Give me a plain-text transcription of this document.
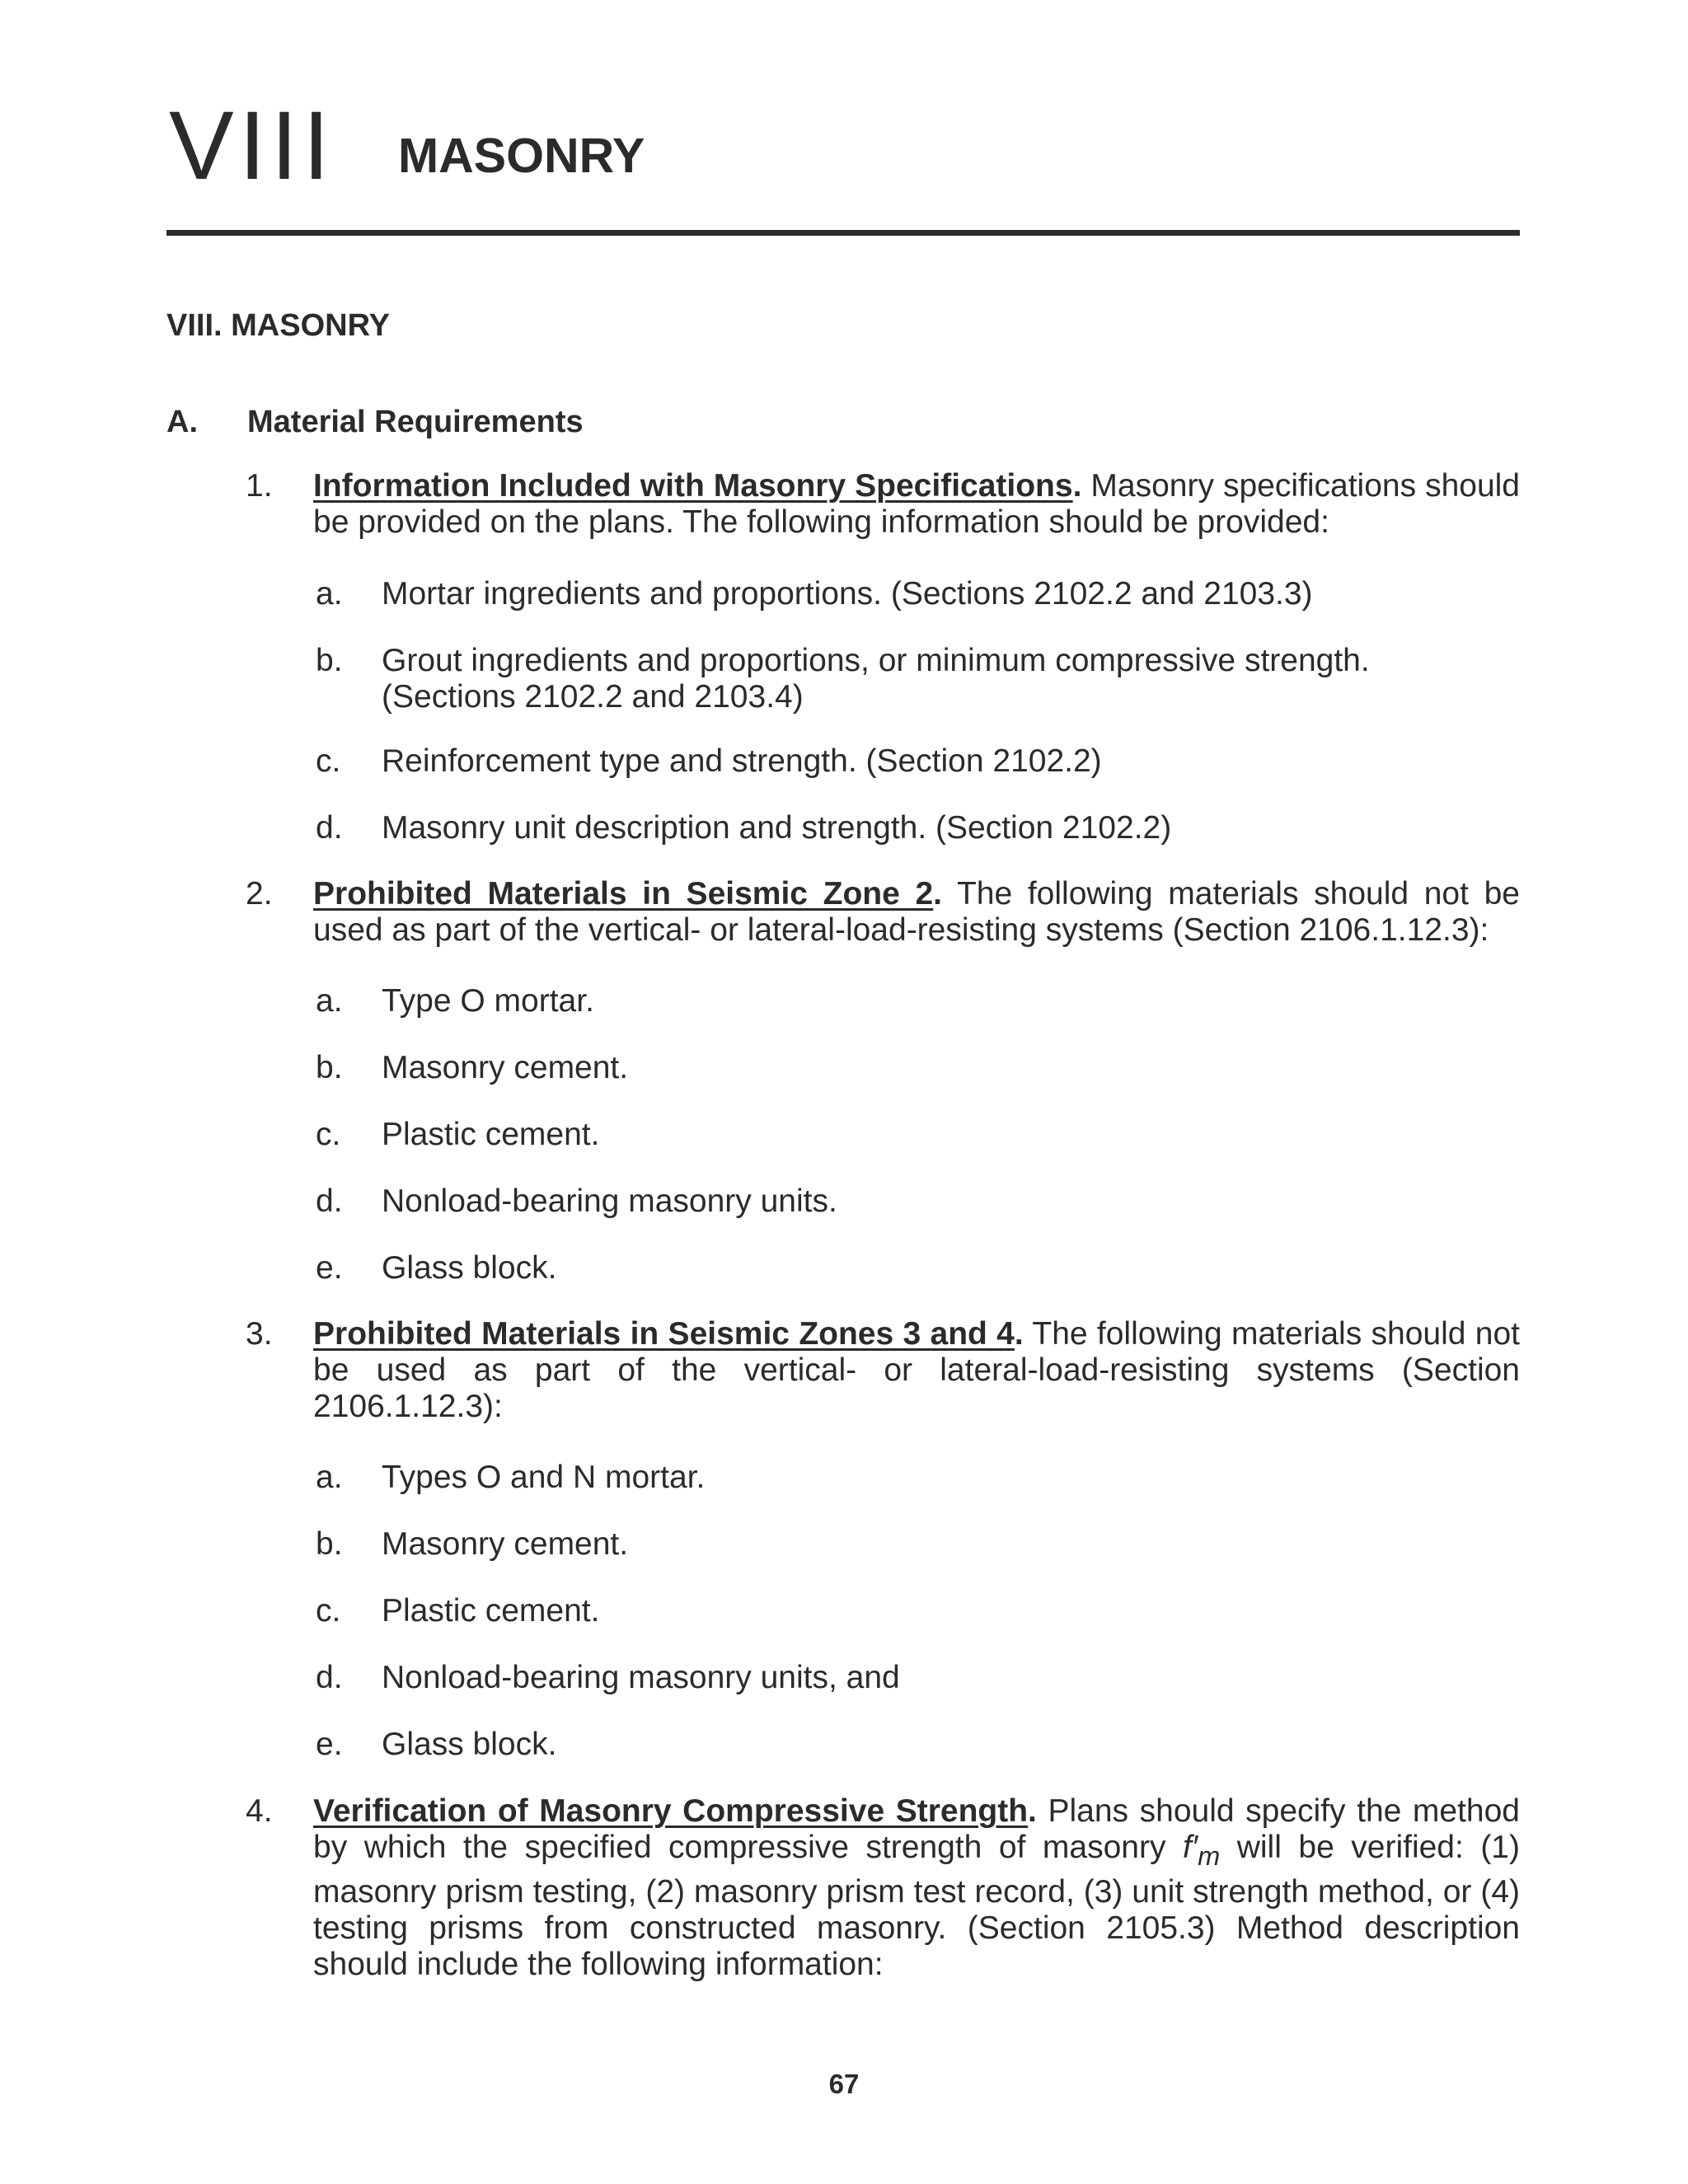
VIII MASONRY
VIII. MASONRY
A. Material Requirements
1.	Information Included with Masonry Specifications. Masonry specifications should be provided on the plans. The following information should be provided:
a.	Mortar ingredients and proportions. (Sections 2102.2 and 2103.3)
b.	Grout ingredients and proportions, or minimum compressive strength. (Sections 2102.2 and 2103.4)
c.	Reinforcement type and strength. (Section 2102.2)
d.	Masonry unit description and strength. (Section 2102.2)
2.	Prohibited Materials in Seismic Zone 2. The following materials should not be used as part of the vertical- or lateral-load-resisting systems (Section 2106.1.12.3):
a.	Type O mortar.
b.	Masonry cement.
c.	Plastic cement.
d.	Nonload-bearing masonry units.
e.	Glass block.
3.	Prohibited Materials in Seismic Zones 3 and 4. The following materials should not be used as part of the vertical- or lateral-load-resisting systems (Section 2106.1.12.3):
a.	Types O and N mortar.
b.	Masonry cement.
c.	Plastic cement.
d.	Nonload-bearing masonry units, and
e.	Glass block.
4.	Verification of Masonry Compressive Strength. Plans should specify the method by which the specified compressive strength of masonry $f'_m$ will be verified: (1) masonry prism testing, (2) masonry prism test record, (3) unit strength method, or (4) testing prisms from constructed masonry. (Section 2105.3) Method description should include the following information:
67
